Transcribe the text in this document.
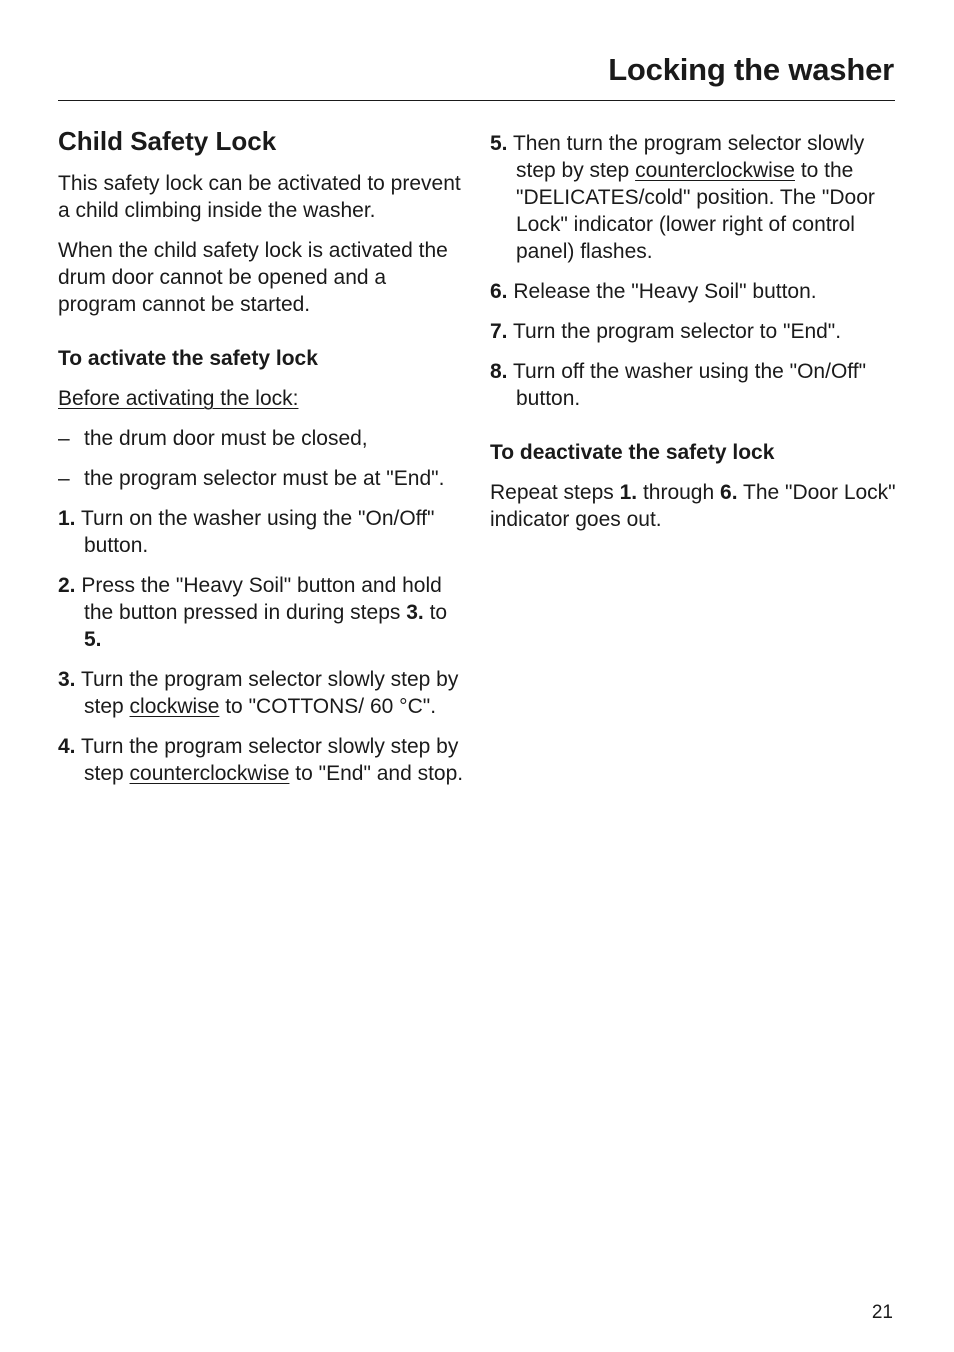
Locking the washer
Child Safety Lock

This safety lock can be activated to prevent a child climbing inside the washer.

When the child safety lock is activated the drum door cannot be opened and a program cannot be started.

To activate the safety lock

Before activating the lock:

– the drum door must be closed,
– the program selector must be at "End".
1. Turn on the washer using the "On/Off" button.
2. Press the "Heavy Soil" button and hold the button pressed in during steps 3. to 5.
3. Turn the program selector slowly step by step clockwise to "COTTONS/ 60 °C".
4. Turn the program selector slowly step by step counterclockwise to "End" and stop.
5. Then turn the program selector slowly step by step counterclockwise to the "DELICATES/cold" position. The "Door Lock" indicator (lower right of control panel) flashes.
6. Release the "Heavy Soil" button.
7. Turn the program selector to "End".
8. Turn off the washer using the "On/Off" button.
To deactivate the safety lock

Repeat steps 1. through 6. The "Door Lock" indicator goes out.

21
